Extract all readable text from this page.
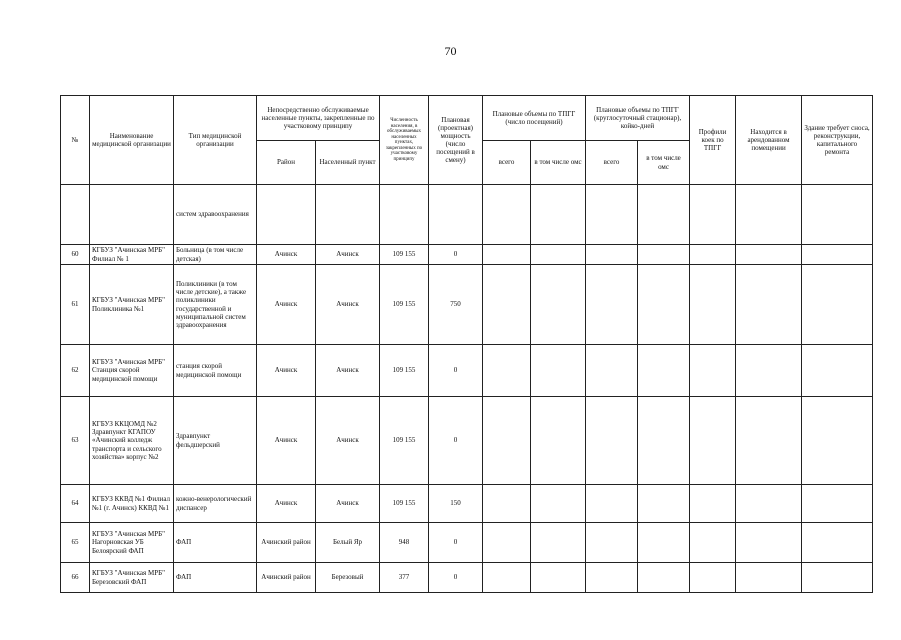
70
№	Наименование медицинской организации	Тип медицинской организации	Непосредственно обслуживаемые населенные пункты, закрепленные по участковому принципу		Численность населения, в обслуживаемых населенных пунктах, закрепленных по участковому принципу	Плановая (проектная) мощность (число посещений в смену)	Плановые объемы по ТПГГ (число посещений)		Плановые объемы по ТПГГ (круглосуточный стационар), койко-дней		Профили коек по ТПГГ	Находится в арендованном помещении	Здание требует сноса, реконструкции, капитального ремонта
			Район	Населенный пункт			всего	в том числе омс	всего	в том числе омс			
		систем здравоохранения											
60	КГБУЗ "Ачинская МРБ" Филиал № 1	Больница (в том числе детская)	Ачинск	Ачинск	109 155	0							
61	КГБУЗ "Ачинская МРБ" Поликлиника №1	Поликлиники (в том числе детские), а также поликлиники государственной и муниципальной систем здравоохранения	Ачинск	Ачинск	109 155	750							
62	КГБУЗ "Ачинская МРБ" Станция скорой медицинской помощи	станция скорой медицинской помощи	Ачинск	Ачинск	109 155	0							
63	КГБУЗ ККЦОМД №2 Здравпункт КГАПОУ «Ачинский колледж транспорта и сельского хозяйства» корпус №2	Здравпункт фельдшерский	Ачинск	Ачинск	109 155	0							
64	КГБУЗ ККВД №1 Филиал №1 (г. Ачинск) ККВД №1	кожно-венерологический диспансер	Ачинск	Ачинск	109 155	150							
65	КГБУЗ "Ачинская МРБ" Нагорновская УБ Белоярский ФАП	ФАП	Ачинский район	Белый Яр	948	0							
66	КГБУЗ "Ачинская МРБ" Березовский ФАП	ФАП	Ачинский район	Березовый	377	0							
